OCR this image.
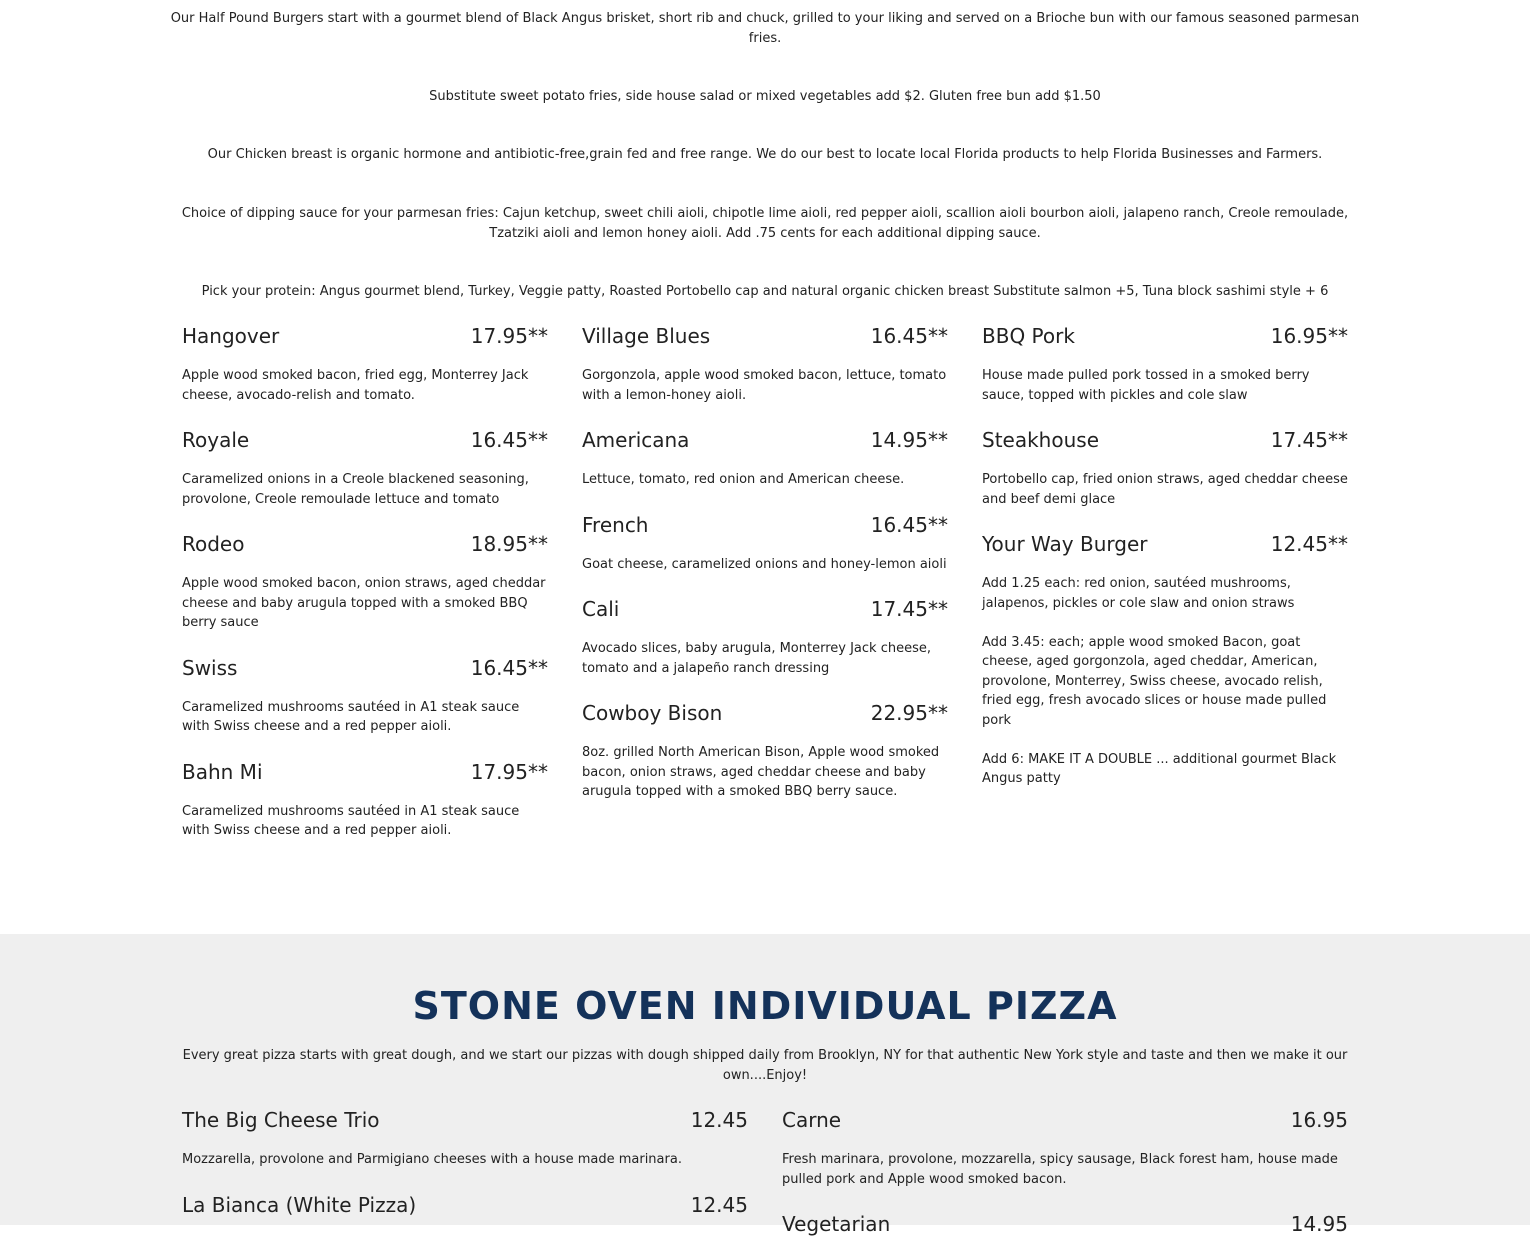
Our Half Pound Burgers start with a gourmet blend of Black Angus brisket, short rib and chuck, grilled to your liking and served on a Brioche bun with our famous seasoned parmesan fries.

Substitute sweet potato fries, side house salad or mixed vegetables add $2. Gluten free bun add $1.50

Our Chicken breast is organic hormone and antibiotic-free,grain fed and free range. We do our best to locate local Florida products to help Florida Businesses and Farmers.

Choice of dipping sauce for your parmesan fries: Cajun ketchup, sweet chili aioli, chipotle lime aioli, red pepper aioli, scallion aioli bourbon aioli, jalapeno ranch, Creole remoulade, Tzatziki aioli and lemon honey aioli. Add .75 cents for each additional dipping sauce.

Pick your protein: Angus gourmet blend, Turkey, Veggie patty, Roasted Portobello cap and natural organic chicken breast Substitute salmon +5, Tuna block sashimi style + 6

Hangover	17.95**

Apple wood smoked bacon, fried egg, Monterrey Jack cheese, avocado-relish and tomato.

Royale	16.45**

Caramelized onions in a Creole blackened seasoning, provolone, Creole remoulade lettuce and tomato

Rodeo	18.95**

Apple wood smoked bacon, onion straws, aged cheddar cheese and baby arugula topped with a smoked BBQ berry sauce

Swiss	16.45**

Caramelized mushrooms sautéed in A1 steak sauce with Swiss cheese and a red pepper aioli.

Bahn Mi	17.95**

Caramelized mushrooms sautéed in A1 steak sauce with Swiss cheese and a red pepper aioli.

Village Blues	16.45**

Gorgonzola, apple wood smoked bacon, lettuce, tomato with a lemon-honey aioli.

Americana	14.95**

Lettuce, tomato, red onion and American cheese.

French	16.45**

Goat cheese, caramelized onions and honey-lemon aioli

Cali	17.45**

Avocado slices, baby arugula, Monterrey Jack cheese, tomato and a jalapeño ranch dressing

Cowboy Bison	22.95**

8oz. grilled North American Bison, Apple wood smoked bacon, onion straws, aged cheddar cheese and baby arugula topped with a smoked BBQ berry sauce.

BBQ Pork	16.95**

House made pulled pork tossed in a smoked berry sauce, topped with pickles and cole slaw

Steakhouse	17.45**

Portobello cap, fried onion straws, aged cheddar cheese and beef demi glace

Your Way Burger	12.45**

Add 1.25 each: red onion, sautéed mushrooms, jalapenos, pickles or cole slaw and onion straws

Add 3.45: each; apple wood smoked Bacon, goat cheese, aged gorgonzola, aged cheddar, American, provolone, Monterrey, Swiss cheese, avocado relish, fried egg, fresh avocado slices or house made pulled pork

Add 6: MAKE IT A DOUBLE ... additional gourmet Black Angus patty

STONE OVEN INDIVIDUAL PIZZA

Every great pizza starts with great dough, and we start our pizzas with dough shipped daily from Brooklyn, NY for that authentic New York style and taste and then we make it our own....Enjoy!

The Big Cheese Trio	12.45

Mozzarella, provolone and Parmigiano cheeses with a house made marinara.

La Bianca (White Pizza)	12.45
Carne	16.95

Fresh marinara, provolone, mozzarella, spicy sausage, Black forest ham, house made pulled pork and Apple wood smoked bacon.

Vegetarian	14.95
